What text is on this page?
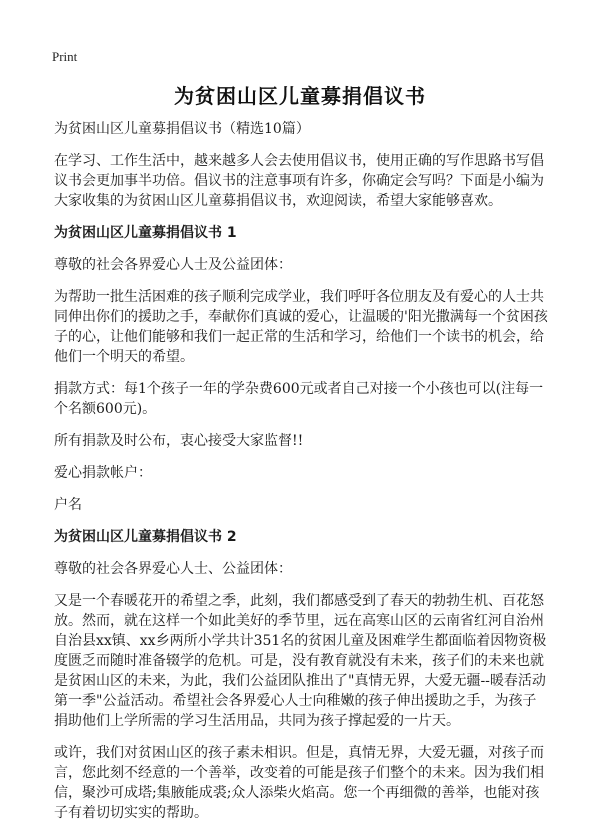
Print
为贫困山区儿童募捐倡议书

为贫困山区儿童募捐倡议书（精选10篇）

在学习、工作生活中，越来越多人会去使用倡议书，使用正确的写作思路书写倡议书会更加事半功倍。倡议书的注意事项有许多，你确定会写吗？下面是小编为大家收集的为贫困山区儿童募捐倡议书，欢迎阅读，希望大家能够喜欢。

为贫困山区儿童募捐倡议书 1

尊敬的社会各界爱心人士及公益团体：

为帮助一批生活困难的孩子顺利完成学业，我们呼吁各位朋友及有爱心的人士共同伸出你们的援助之手，奉献你们真诚的爱心，让温暖的'阳光撒满每一个贫困孩子的心，让他们能够和我们一起正常的生活和学习，给他们一个读书的机会，给他们一个明天的希望。

捐款方式：每1个孩子一年的学杂费600元或者自己对接一个小孩也可以(注每一个名额600元)。

所有捐款及时公布，衷心接受大家监督!!

爱心捐款帐户：

户名

为贫困山区儿童募捐倡议书 2

尊敬的社会各界爱心人士、公益团体：

又是一个春暖花开的希望之季，此刻，我们都感受到了春天的勃勃生机、百花怒放。然而，就在这样一个如此美好的季节里，远在高寒山区的云南省红河自治州自治县xx镇、xx乡两所小学共计351名的贫困儿童及困难学生都面临着因物资极度匮乏而随时准备辍学的危机。可是，没有教育就没有未来，孩子们的未来也就是贫困山区的未来，为此，我们公益团队推出了"真情无界，大爱无疆--暖春活动第一季"公益活动。希望社会各界爱心人士向稚嫩的孩子伸出援助之手，为孩子捐助他们上学所需的学习生活用品，共同为孩子撑起爱的一片天。

或许，我们对贫困山区的孩子素未相识。但是，真情无界，大爱无疆，对孩子而言，您此刻不经意的一个善举，改变着的可能是孩子们整个的未来。因为我们相信，聚沙可成塔;集腋能成裘;众人添柴火焰高。您一个再细微的善举，也能对孩子有着切切实实的帮助。
